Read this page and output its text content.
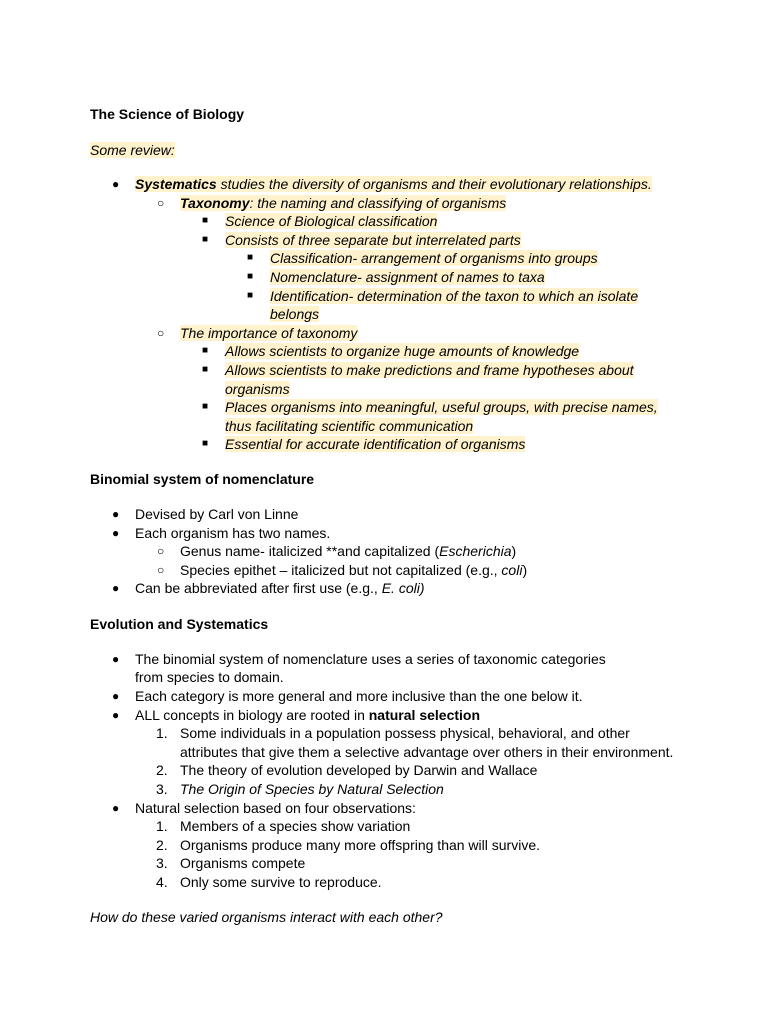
The Science of Biology

Some review:

●	Systematics studies the diversity of organisms and their evolutionary relationships.
○	Taxonomy: the naming and classifying of organisms
■	Science of Biological classification
■	Consists of three separate but interrelated parts
■	Classification- arrangement of organisms into groups
■	Nomenclature- assignment of names to taxa
■	Identification- determination of the taxon to which an isolate belongs
○	The importance of taxonomy
■	Allows scientists to organize huge amounts of knowledge
■	Allows scientists to make predictions and frame hypotheses about organisms
■	Places organisms into meaningful, useful groups, with precise names, thus facilitating scientific communication
■	Essential for accurate identification of organisms

Binomial system of nomenclature

●	Devised by Carl von Linne
●	Each organism has two names.
○	Genus name- italicized **and capitalized (Escherichia)
○	Species epithet – italicized but not capitalized (e.g., coli)
●	Can be abbreviated after first use (e.g., E. coli)

Evolution and Systematics

●	The binomial system of nomenclature uses a series of taxonomic categories from species to domain.
●	Each category is more general and more inclusive than the one below it.
●	ALL concepts in biology are rooted in natural selection
1. Some individuals in a population possess physical, behavioral, and other attributes that give them a selective advantage over others in their environment.
2. The theory of evolution developed by Darwin and Wallace
3. The Origin of Species by Natural Selection
●	Natural selection based on four observations:
1. Members of a species show variation
2. Organisms produce many more offspring than will survive.
3. Organisms compete
4. Only some survive to reproduce.

How do these varied organisms interact with each other?
